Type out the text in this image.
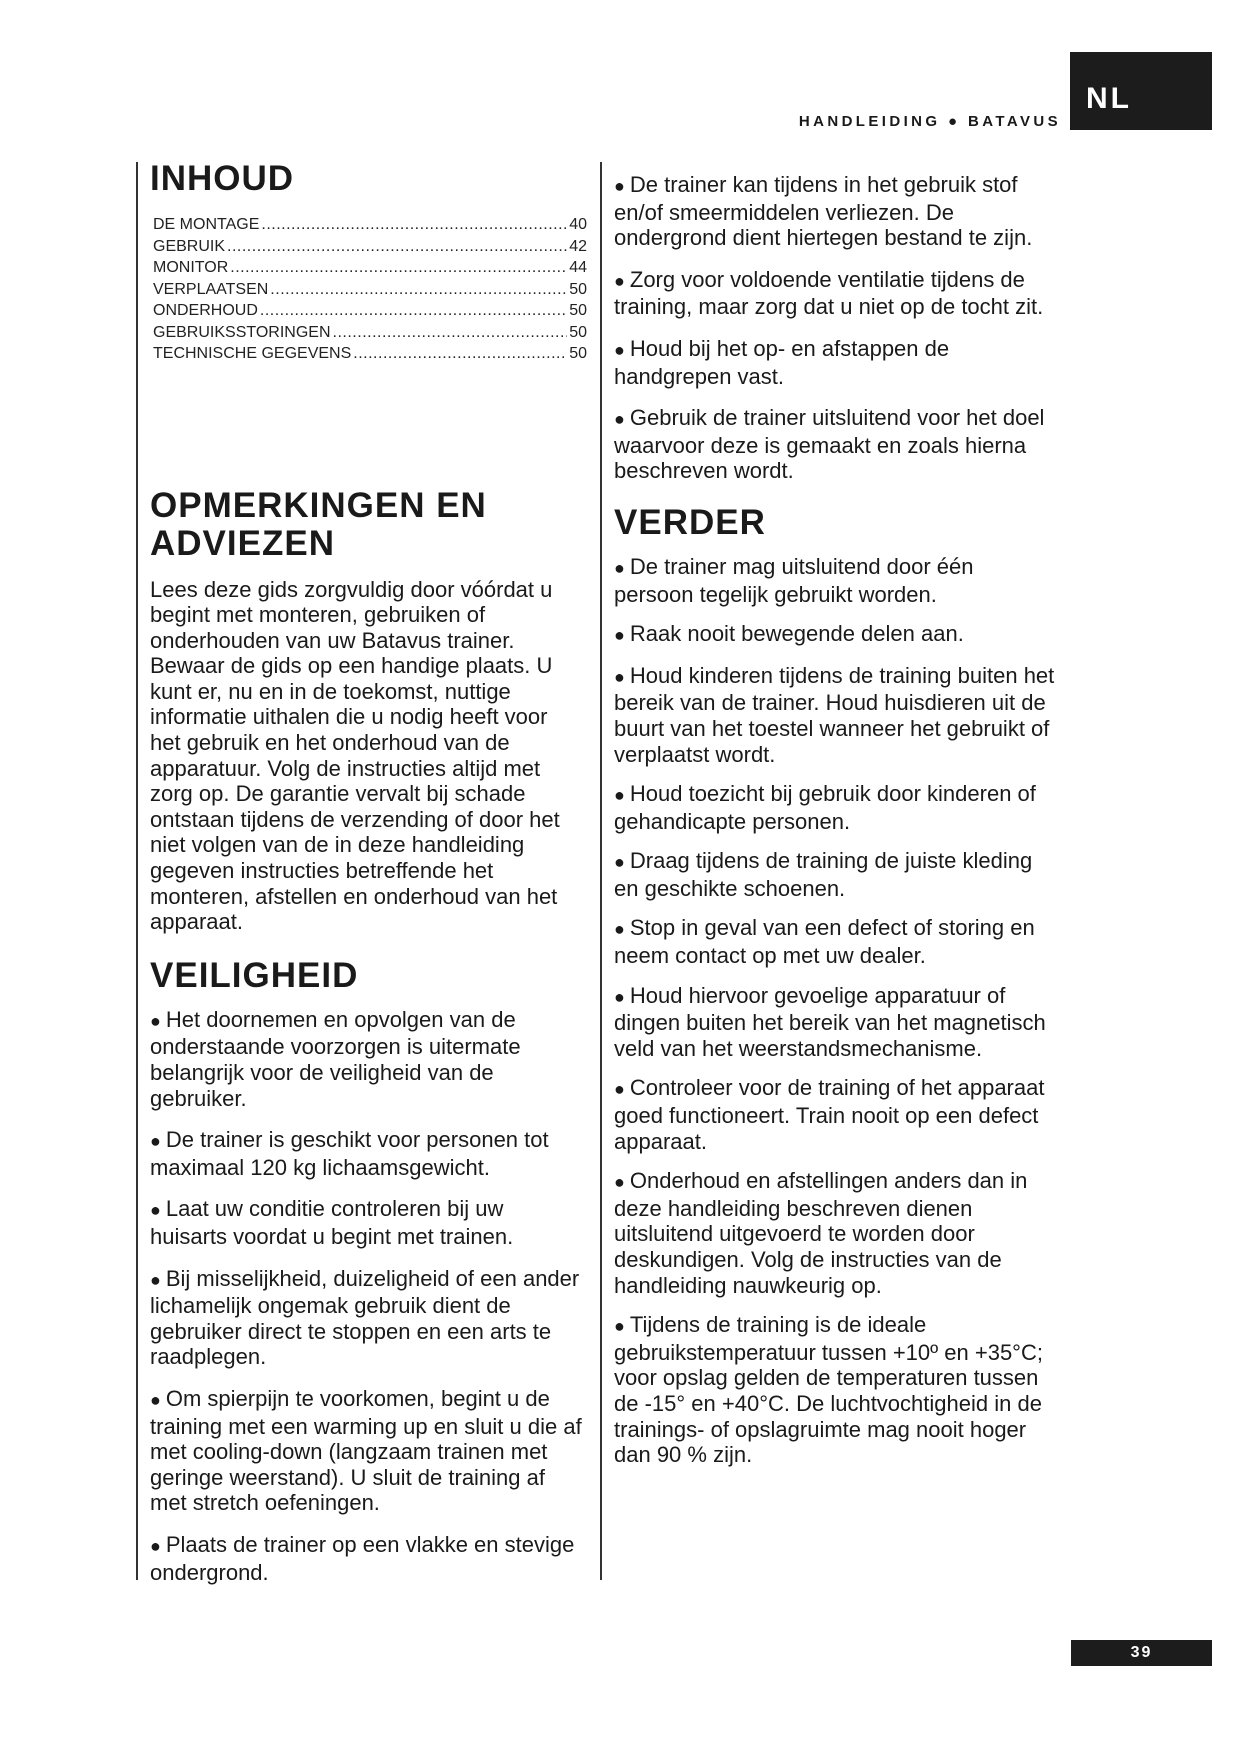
NL
HANDLEIDING ● BATAVUS
INHOUD
DE MONTAGE .....	40
GEBRUIK .....	42
MONITOR .....	44
VERPLAATSEN .....	50
ONDERHOUD .....	50
GEBRUIKSSTORINGEN .....	50
TECHNISCHE GEGEVENS .....	50
OPMERKINGEN EN ADVIEZEN

Lees deze gids zorgvuldig door vóórdat u begint met monteren, gebruiken of onderhouden van uw Batavus trainer. Bewaar de gids op een handige plaats. U kunt er, nu en in de toekomst, nuttige informatie uithalen die u nodig heeft voor het gebruik en het onderhoud van de apparatuur. Volg de instructies altijd met zorg op. De garantie vervalt bij schade ontstaan tijdens de verzending of door het niet volgen van de in deze handleiding gegeven instructies betreffende het monteren, afstellen en onderhoud van het apparaat.

VEILIGHEID

● Het doornemen en opvolgen van de onderstaande voorzorgen is uitermate belangrijk voor de veiligheid van de gebruiker.

● De trainer is geschikt voor personen tot maximaal 120 kg lichaamsgewicht.

● Laat uw conditie controleren bij uw huisarts voordat u begint met trainen.

● Bij misselijkheid, duizeligheid of een ander lichamelijk ongemak gebruik dient de gebruiker direct te stoppen en een arts te raadplegen.

● Om spierpijn te voorkomen, begint u de training met een warming up en sluit u die af met cooling-down (langzaam trainen met geringe weerstand). U sluit de training af met stretch oefeningen.

● Plaats de trainer op een vlakke en stevige ondergrond.

● De trainer kan tijdens in het gebruik stof en/of smeermiddelen verliezen. De ondergrond dient hiertegen bestand te zijn.

● Zorg voor voldoende ventilatie tijdens de training, maar zorg dat u niet op de tocht zit.

● Houd bij het op- en afstappen de handgrepen vast.

● Gebruik de trainer uitsluitend voor het doel waarvoor deze is gemaakt en zoals hierna beschreven wordt.

VERDER

● De trainer mag uitsluitend door één persoon tegelijk gebruikt worden.

● Raak nooit bewegende delen aan.

● Houd kinderen tijdens de training buiten het bereik van de trainer. Houd huisdieren uit de buurt van het toestel wanneer het gebruikt of verplaatst wordt.

● Houd toezicht bij gebruik door kinderen of gehandicapte personen.

● Draag tijdens de training de juiste kleding en geschikte schoenen.

● Stop in geval van een defect of storing en neem contact op met uw dealer.

● Houd hiervoor gevoelige apparatuur of dingen buiten het bereik van het magnetisch veld van het weerstandsmechanisme.

● Controleer voor de training of het apparaat goed functioneert. Train nooit op een defect apparaat.

● Onderhoud en afstellingen anders dan in deze handleiding beschreven dienen uitsluitend uitgevoerd te worden door deskundigen. Volg de instructies van de handleiding nauwkeurig op.

● Tijdens de training is de ideale gebruikstemperatuur tussen +10º en +35°C; voor opslag gelden de temperaturen tussen de -15° en +40°C. De luchtvochtigheid in de trainings- of opslagruimte mag nooit hoger dan 90 % zijn.

39
